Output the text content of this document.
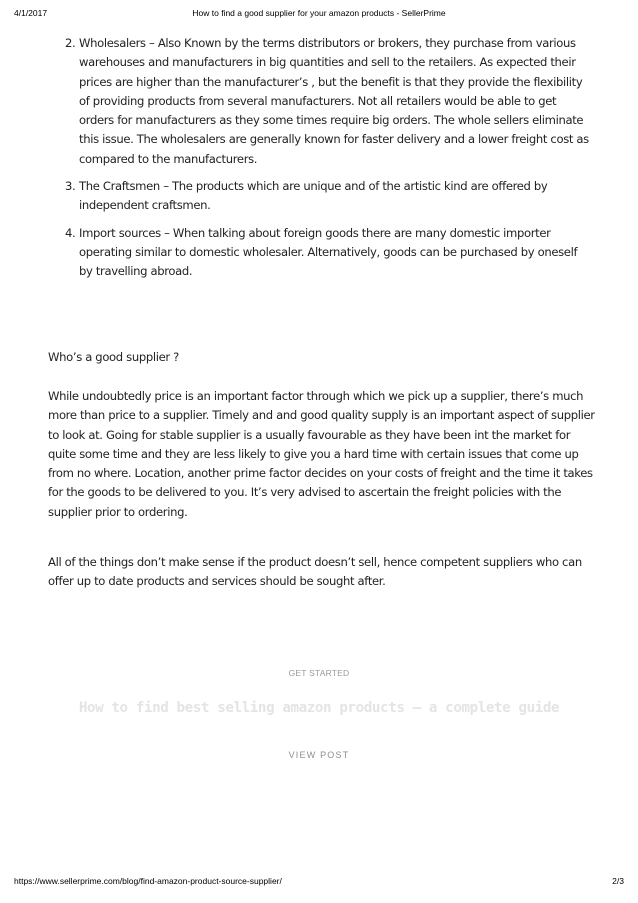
4/1/2017	How to find a good supplier for your amazon products - SellerPrime
2. Wholesalers – Also Known by the terms distributors or brokers, they purchase from various warehouses and manufacturers in big quantities and sell to the retailers. As expected their prices are higher than the manufacturer’s , but the benefit is that they provide the flexibility of providing products from several manufacturers. Not all retailers would be able to get orders for manufacturers as they some times require big orders. The whole sellers eliminate this issue. The wholesalers are generally known for faster delivery and a lower freight cost as compared to the manufacturers.
3. The Craftsmen – The products which are unique and of the artistic kind are offered by independent craftsmen.
4. Import sources – When talking about foreign goods there are many domestic importer operating similar to domestic wholesaler. Alternatively, goods can be purchased by oneself by travelling abroad.

Who’s a good supplier ?

While undoubtedly price is an important factor through which we pick up a supplier, there’s much more than price to a supplier. Timely and and good quality supply is an important aspect of supplier to look at. Going for stable supplier is a usually favourable as they have been int the market for quite some time and they are less likely to give you a hard time with certain issues that come up from no where. Location, another prime factor decides on your costs of freight and the time it takes for the goods to be delivered to you. It’s very advised to ascertain the freight policies with the supplier prior to ordering.

All of the things don’t make sense if the product doesn’t sell, hence competent suppliers who can offer up to date products and services should be sought after.

GET STARTED
How to find best selling amazon products – a complete guide
VIEW POST
https://www.sellerprime.com/blog/find-amazon-product-source-supplier/	2/3
